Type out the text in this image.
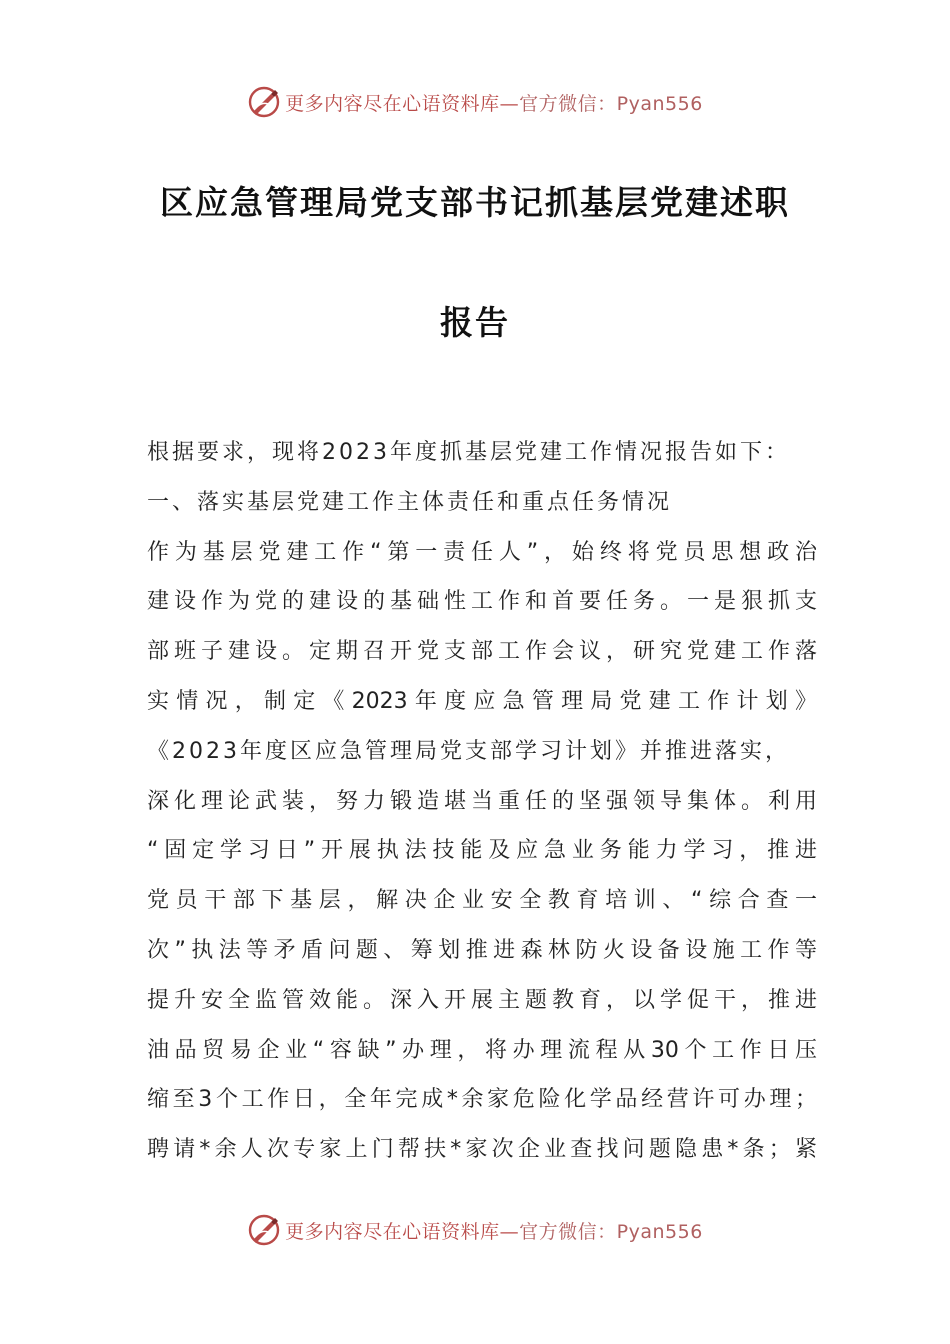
更多内容尽在心语资料库—官方微信：Pyan556
区应急管理局党支部书记抓基层党建述职
报告
根据要求，现将2023年度抓基层党建工作情况报告如下：
一、落实基层党建工作主体责任和重点任务情况
作为基层党建工作“第一责任人”，始终将党员思想政治
建设作为党的建设的基础性工作和首要任务。一是狠抓支
部班子建设。定期召开党支部工作会议，研究党建工作落
实情况，制定《2023年度应急管理局党建工作计划》
《2023年度区应急管理局党支部学习计划》并推进落实，
深化理论武装，努力锻造堪当重任的坚强领导集体。利用
“固定学习日”开展执法技能及应急业务能力学习，推进
党员干部下基层，解决企业安全教育培训、“综合查一
次”执法等矛盾问题、筹划推进森林防火设备设施工作等
提升安全监管效能。深入开展主题教育，以学促干，推进
油品贸易企业“容缺”办理，将办理流程从30个工作日压
缩至3个工作日，全年完成*余家危险化学品经营许可办理；
聘请*余人次专家上门帮扶*家次企业查找问题隐患*条；紧
更多内容尽在心语资料库—官方微信：Pyan556
